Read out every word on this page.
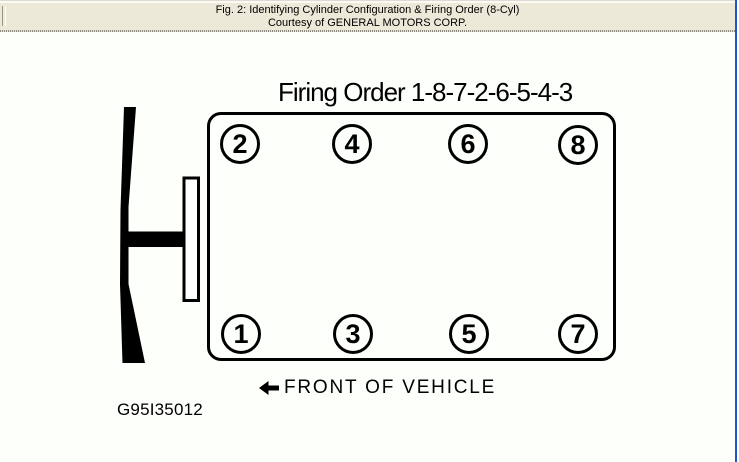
Fig. 2: Identifying Cylinder Configuration & Firing Order (8-Cyl)
Courtesy of GENERAL MOTORS CORP.
Firing Order 1-8-7-2-6-5-4-3
2	4	6	8
1	3	5	7
FRONT OF VEHICLE
G95I35012
